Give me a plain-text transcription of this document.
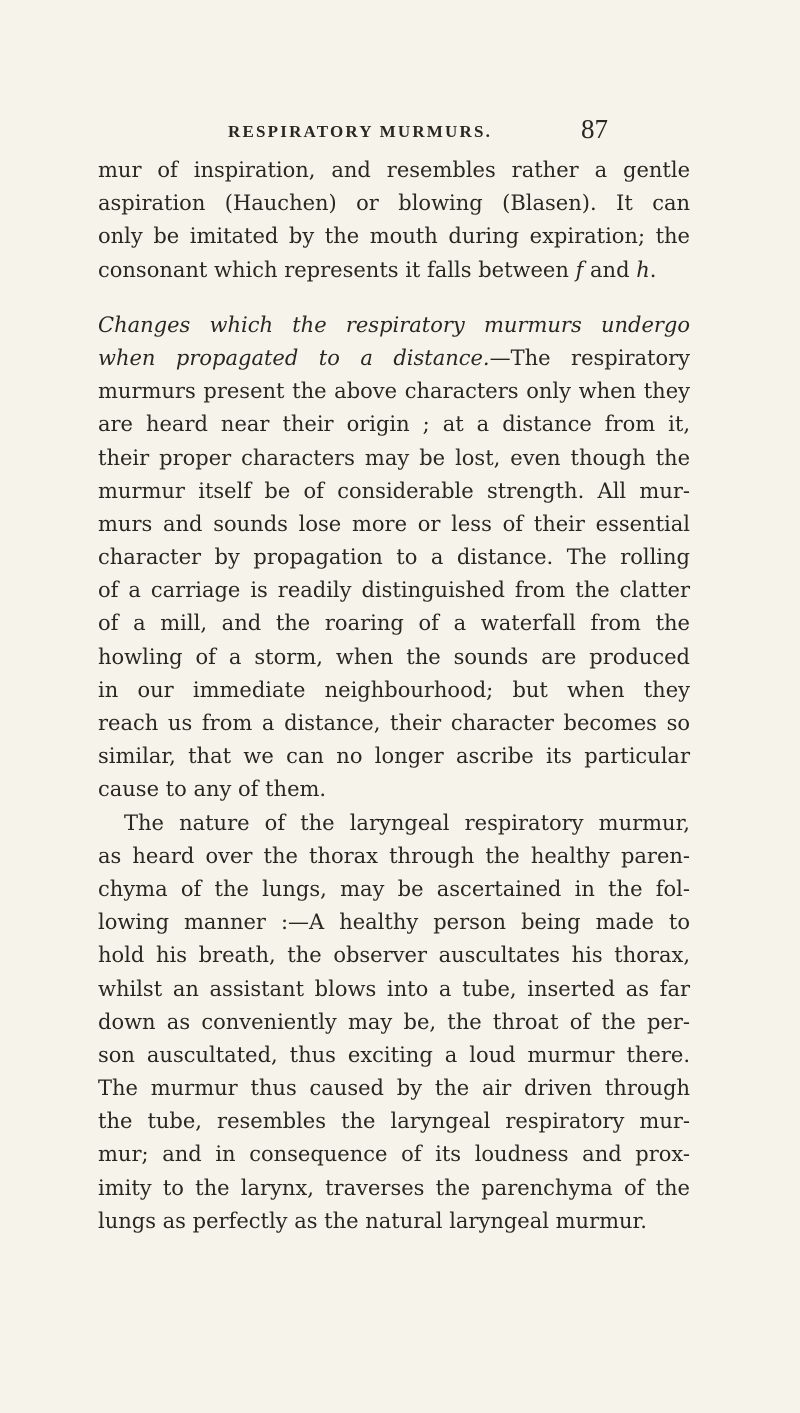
RESPIRATORY MURMURS.	87
mur of inspiration, and resembles rather a gentle
aspiration (Hauchen) or blowing (Blasen). It can
only be imitated by the mouth during expiration; the
consonant which represents it falls between f and h.
Changes which the respiratory murmurs undergo
when propagated to a distance.—The respiratory
murmurs present the above characters only when they
are heard near their origin ; at a distance from it,
their proper characters may be lost, even though the
murmur itself be of considerable strength. All mur-
murs and sounds lose more or less of their essential
character by propagation to a distance. The rolling
of a carriage is readily distinguished from the clatter
of a mill, and the roaring of a waterfall from the
howling of a storm, when the sounds are produced
in our immediate neighbourhood; but when they
reach us from a distance, their character becomes so
similar, that we can no longer ascribe its particular
cause to any of them.
The nature of the laryngeal respiratory murmur,
as heard over the thorax through the healthy paren-
chyma of the lungs, may be ascertained in the fol-
lowing manner :—A healthy person being made to
hold his breath, the observer auscultates his thorax,
whilst an assistant blows into a tube, inserted as far
down as conveniently may be, the throat of the per-
son auscultated, thus exciting a loud murmur there.
The murmur thus caused by the air driven through
the tube, resembles the laryngeal respiratory mur-
mur; and in consequence of its loudness and prox-
imity to the larynx, traverses the parenchyma of the
lungs as perfectly as the natural laryngeal murmur.
